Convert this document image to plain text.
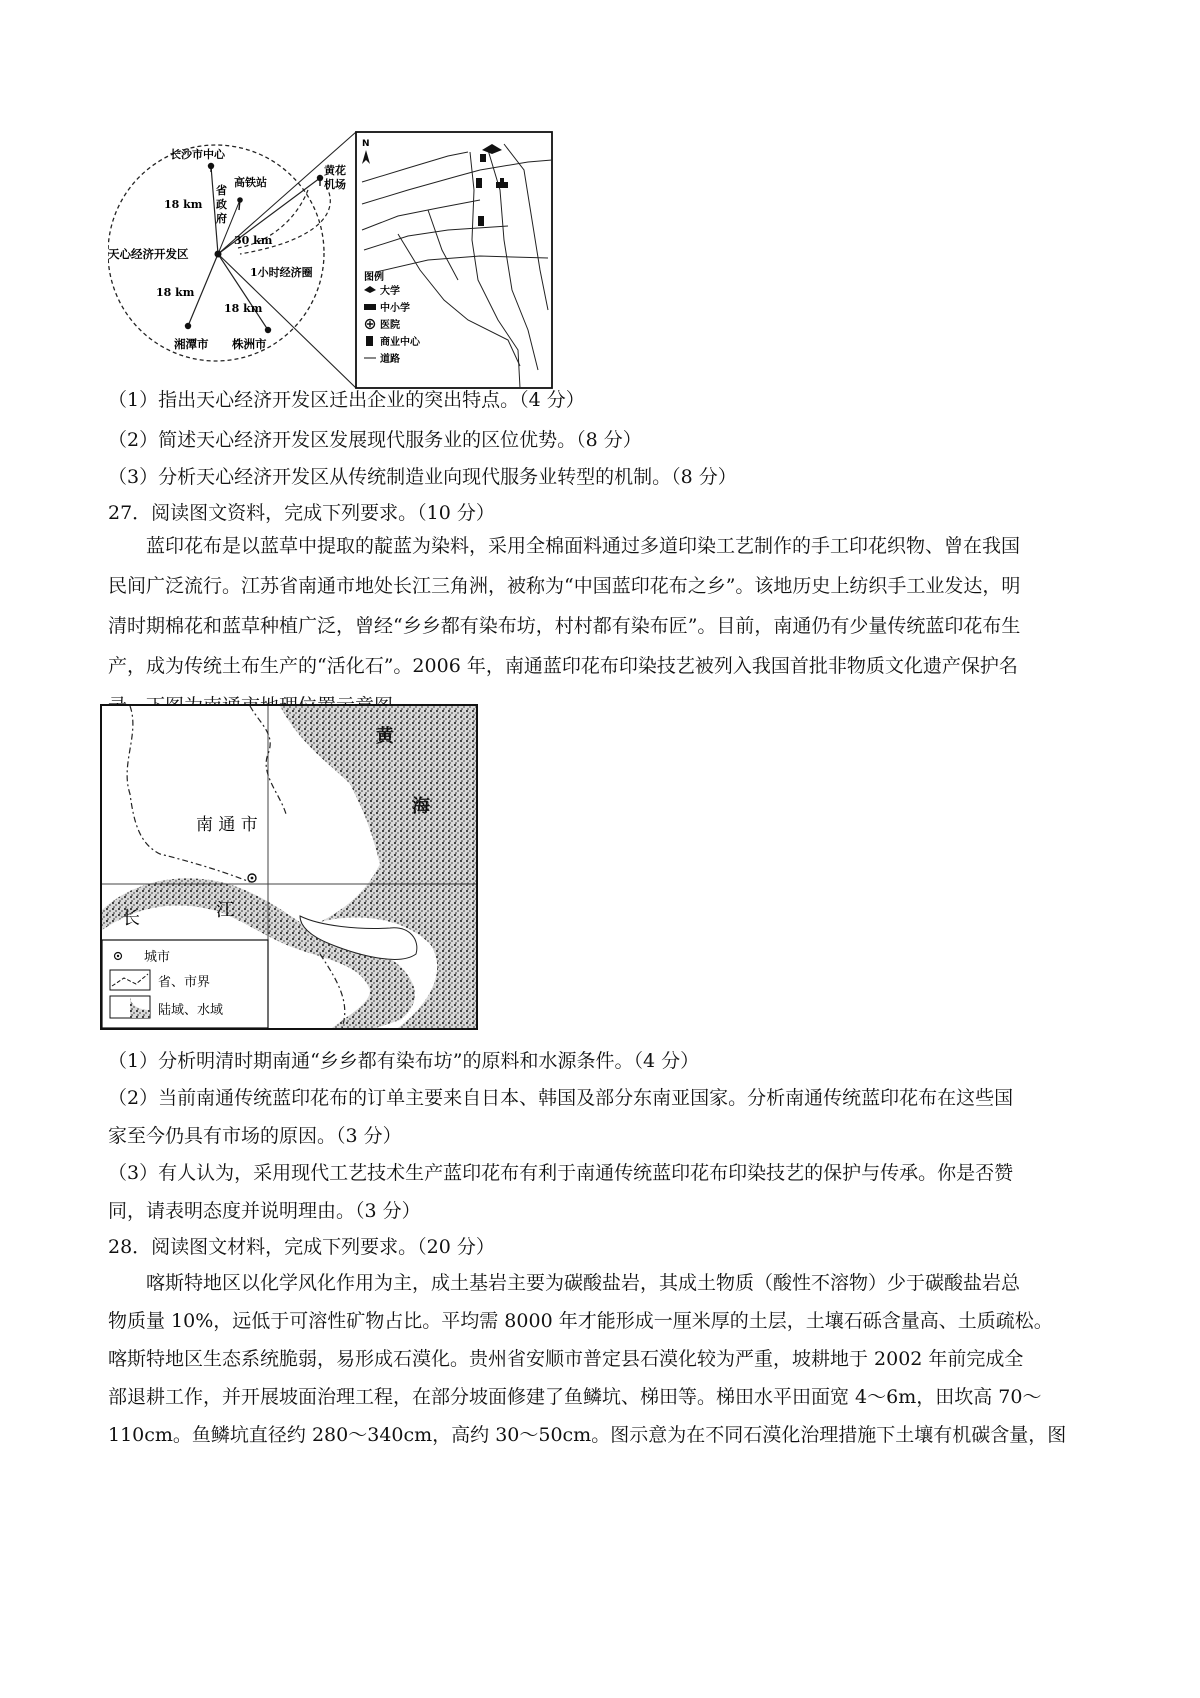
长沙市中心
高铁站
省
政
府
黄花
机场
天心经济开发区
18 km
30 km
1小时经济圈
18 km
18 km
湘潭市 株洲市
N
图例
大学
中小学
医院
商业中心
道路
（1）指出天心经济开发区迁出企业的突出特点。（4 分）
（2）简述天心经济开发区发展现代服务业的区位优势。（8 分）
（3）分析天心经济开发区从传统制造业向现代服务业转型的机制。（8 分）
27．阅读图文资料，完成下列要求。（10 分）
蓝印花布是以蓝草中提取的靛蓝为染料，采用全棉面料通过多道印染工艺制作的手工印花织物、曾在我国
民间广泛流行。江苏省南通市地处长江三角洲，被称为“中国蓝印花布之乡”。该地历史上纺织手工业发达，明
清时期棉花和蓝草种植广泛，曾经“乡乡都有染布坊，村村都有染布匠”。目前，南通仍有少量传统蓝印花布生
产，成为传统土布生产的“活化石”。2006 年，南通蓝印花布印染技艺被列入我国首批非物质文化遗产保护名
南 通 市
黄
海
长	江
城市
省、市界
陆域、水域
（1）分析明清时期南通“乡乡都有染布坊”的原料和水源条件。（4 分）
（2）当前南通传统蓝印花布的订单主要来自日本、韩国及部分东南亚国家。分析南通传统蓝印花布在这些国
家至今仍具有市场的原因。（3 分）
（3）有人认为，采用现代工艺技术生产蓝印花布有利于南通传统蓝印花布印染技艺的保护与传承。你是否赞
同，请表明态度并说明理由。（3 分）
28．阅读图文材料，完成下列要求。（20 分）
喀斯特地区以化学风化作用为主，成土基岩主要为碳酸盐岩，其成土物质（酸性不溶物）少于碳酸盐岩总
物质量 10%，远低于可溶性矿物占比。平均需 8000 年才能形成一厘米厚的土层，土壤石砾含量高、土质疏松。
喀斯特地区生态系统脆弱，易形成石漠化。贵州省安顺市普定县石漠化较为严重，坡耕地于 2002 年前完成全
部退耕工作，并开展坡面治理工程，在部分坡面修建了鱼鳞坑、梯田等。梯田水平田面宽 4～6m，田坎高 70～
110cm。鱼鳞坑直径约 280～340cm，高约 30～50cm。图示意为在不同石漠化治理措施下土壤有机碳含量，图
